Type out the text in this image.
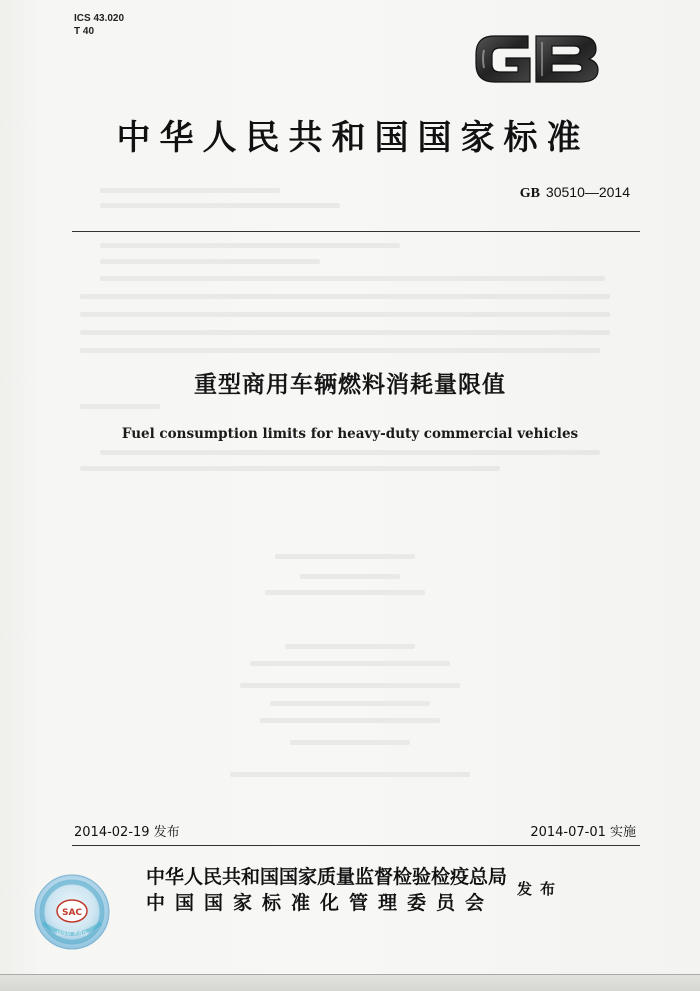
ICS 43.020
T 40
中华人民共和国国家标准
GB 30510—2014
重型商用车辆燃料消耗量限值
Fuel consumption limits for heavy-duty commercial vehicles
2014-02-19 发布	2014-07-01 实施
SAC
刮涂层 查真伪
中华人民共和国国家质量监督检验检疫总局
中国国家标准化管理委员会
发布
